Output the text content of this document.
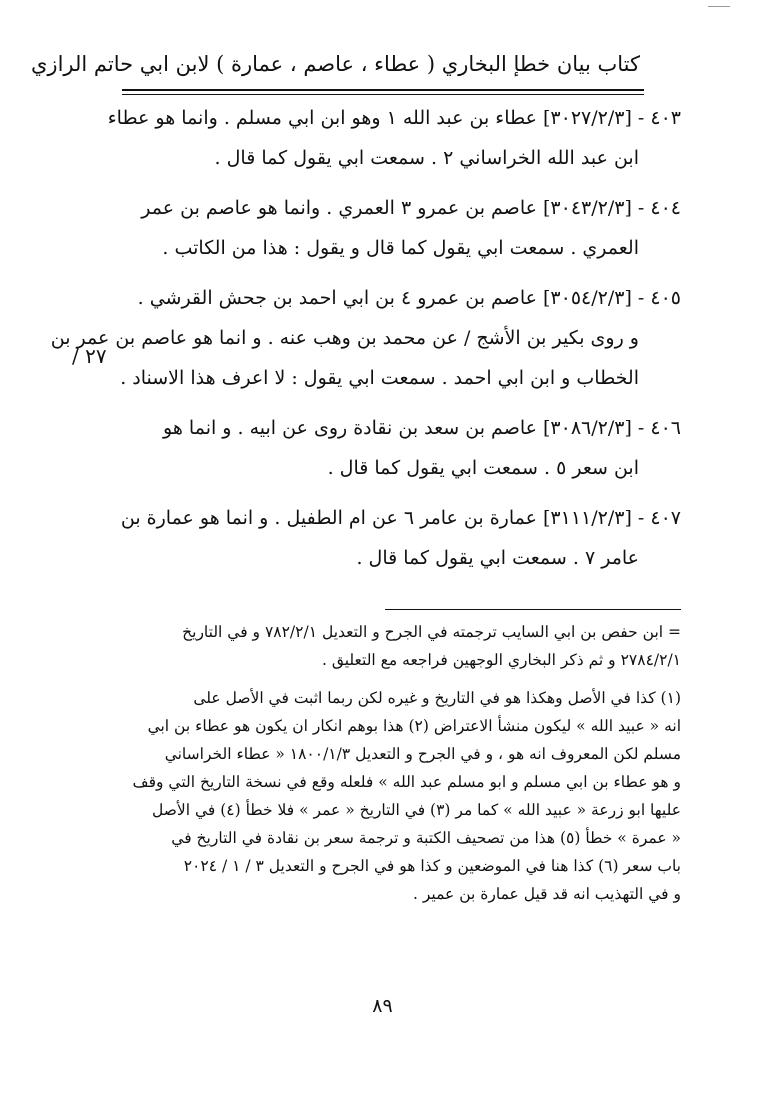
كتاب بيان خطإ البخاري ( عطاء ، عاصم ، عمارة ) لابن ابي حاتم الرازي
٢٧ /
٤٠٣ - [٣٠٢٧/٢/٣] عطاء بن عبد الله ١ وهو ابن ابي مسلم . وانما هو عطاء
ابن عبد الله الخراساني ٢ . سمعت ابي يقول كما قال .
٤٠٤ - [٣٠٤٣/٢/٣] عاصم بن عمرو ٣ العمري . وانما هو عاصم بن عمر
العمري . سمعت ابي يقول كما قال و يقول : هذا من الكاتب .
٤٠٥ - [٣٠٥٤/٢/٣] عاصم بن عمرو ٤ بن ابي احمد بن جحش القرشي .
و روى بكير بن الأشج / عن محمد بن وهب عنه . و انما هو عاصم بن عمر بن
الخطاب و ابن ابي احمد . سمعت ابي يقول : لا اعرف هذا الاسناد .
٤٠٦ - [٣٠٨٦/٢/٣] عاصم بن سعد بن نقادة روى عن ابيه . و انما هو
ابن سعر ٥ . سمعت ابي يقول كما قال .
٤٠٧ - [٣١١١/٢/٣] عمارة بن عامر ٦ عن ام الطفيل . و انما هو عمارة بن
عامر ٧ . سمعت ابي يقول كما قال .
= ابن حفص بن ابي السايب ترجمته في الجرح و التعديل ٧٨٢/٢/١ و في التاريخ
٢٧٨٤/٢/١ و ثم ذكر البخاري الوجهين فراجعه مع التعليق .
(١) كذا في الأصل وهكذا هو في التاريخ و غيره لكن ربما اثبت في الأصل على
انه « عبيد الله » ليكون منشأ الاعتراض (٢) هذا بوهم انكار ان يكون هو عطاء بن ابي
مسلم لكن المعروف انه هو ، و في الجرح و التعديل ١٨٠٠/١/٣ « عطاء الخراساني
و هو عطاء بن ابي مسلم و ابو مسلم عبد الله » فلعله وقع في نسخة التاريخ التي وقف
عليها ابو زرعة « عبيد الله » كما مر (٣) في التاريخ « عمر » فلا خطأ (٤) في الأصل
« عمرة » خطأ (٥) هذا من تصحيف الكتبة و ترجمة سعر بن نقادة في التاريخ في
باب سعر (٦) كذا هنا في الموضعين و كذا هو في الجرح و التعديل ٣ / ١ / ٢٠٢٤
و في التهذيب انه قد قيل عمارة بن عمير .
٨٩
